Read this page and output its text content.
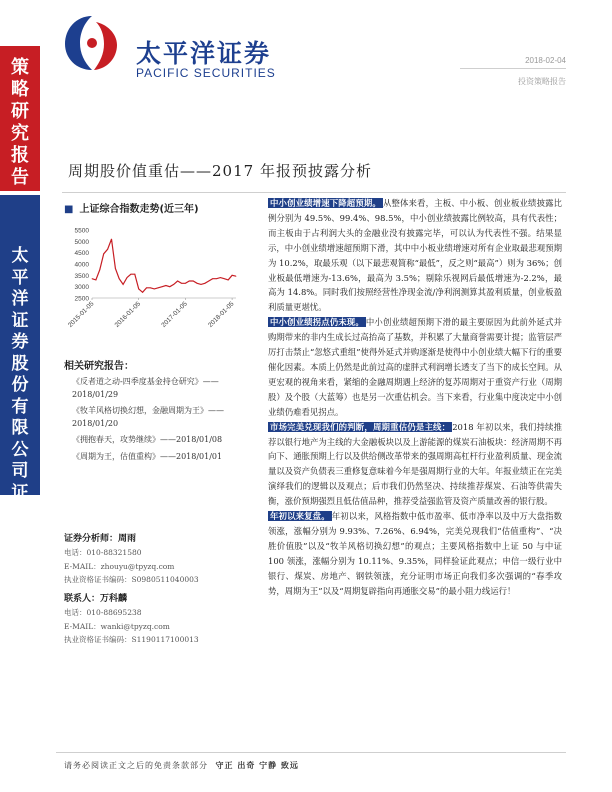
策
略
研
究
报
告
太
平
洋
证
券
股
份
有
限
公
司
证
券
研
究
报
告
太平洋证券
PACIFIC SECURITIES
2018-02-04
投资策略报告
周期股价值重估——2017 年报预披露分析
■ 上证综合指数走势(近三年)
5500
5000
4500
4000
3500
3000
2500
2015-01-05	2016-01-05	2017-01-05	2018-01-05
相关研究报告：
《反者道之动-四季度基金持仓研究》——2018/01/29
《牧羊风格切换幻想，金融周期为王》——2018/01/20
《拥抱春天，攻势继续》——2018/01/08
《周期为王，估值重构》——2018/01/01
证券分析师：周雨
电话：010-88321580
E-MAIL：zhouyu@tpyzq.com
执业资格证书编码：S0980511040003
联系人：万科麟
电话：010-88695238
E-MAIL：wanki@tpyzq.com
执业资格证书编码：S1190117100013

中小创业绩增速下降超预期。 从整体来看，主板、中小板、创业板业绩披露比例分别为 49.5%、99.4%、98.5%，中小创业绩披露比例较高，具有代表性；而主板由于占利润大头的金融业没有披露完毕，可以认为代表性不强。结果显示，中小创业绩增速超预期下滑，其中中小板业绩增速对所有企业取最悲观预期为 10.2%，取最乐观（以下最悲观简称“最低”，反之则“最高”）则为 36%；创业板最低增速为-13.6%，最高为 3.5%；剔除乐视网后最低增速为-2.2%，最高为 14.8%。同时我们按照经营性净现金流/净利润测算其盈利质量，创业板盈利质量更堪忧。

中小创业绩拐点仍未现。 中小创业绩超预期下滑的最主要原因为此前外延式并购期带来的非内生成长过高抬高了基数，并积累了大量商誉需要计提；监管层严厉打击禁止“忽悠式重组”使得外延式并购逐渐是使得中小创业绩大幅下行的重要催化因素。本质上仍然是此前过高的虚胖式利润增长透支了当下的成长空间。从更宏观的视角来看，紧缩的金融周期遇上经济的复苏周期对于重资产行业（周期股）及个股（大蓝筹）也是另一次重估机会。当下来看，行业集中度决定中小创业绩仍难看见拐点。

市场完美兑现我们的判断，周期重估仍是主线： 2018 年初以来，我们持续推荐以银行地产为主线的大金融板块以及上游能源的煤炭石油板块：经济周期不再向下、通胀预期上行以及供给侧改革带来的强周期高杠杆行业盈利质量、现金流量以及资产负债表三重修复意味着今年是强周期行业的大年。年报业绩正在完美演绎我们的逻辑以及观点；后市我们仍然坚决、持续推荐煤炭、石油等供需失衡，涨价预期强烈且低估值品种，推荐受益强监管及资产质量改善的银行股。

年初以来复盘。 年初以来，风格指数中低市盈率、低市净率以及中万大盘指数领涨，涨幅分别为 9.93%、7.26%、6.94%，完美兑现我们“估值重构”、“决胜价值股”以及“牧羊风格切换幻想”的观点；主要风格指数中上证 50 与中证 100 领涨，涨幅分别为 10.11%、9.35%，同样验证此观点；申信一级行业中银行、煤炭、房地产、钢铁领涨，充分证明市场正向我们多次强调的“春季攻势，周期为王”以及“周期复辟指向再通胀交易”的最小阻力线运行！

请务必阅读正文之后的免责条款部分 守正 出奇 宁静 致远
